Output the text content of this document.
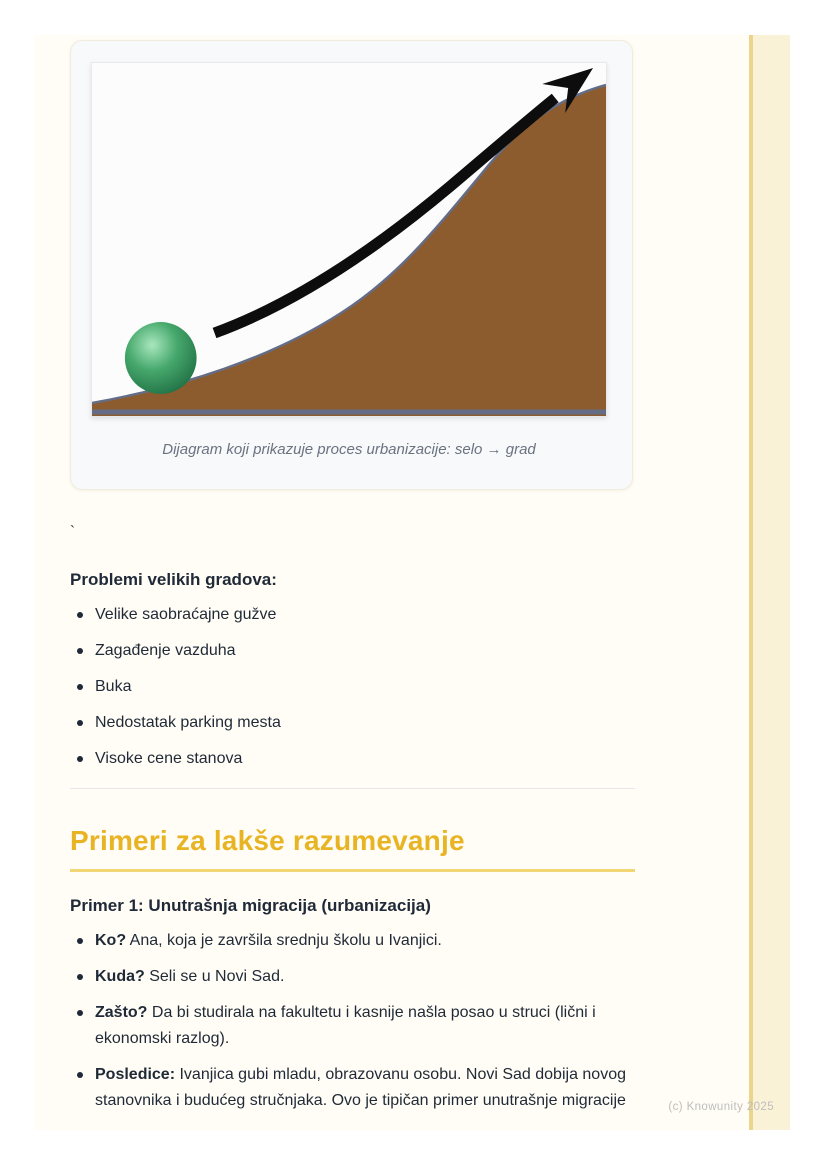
Dijagram koji prikazuje proces urbanizacije: selo → grad

`

Problemi velikih gradova:

Velike saobraćajne gužve
Zagađenje vazduha
Buka
Nedostatak parking mesta
Visoke cene stanova
Primeri za lakše razumevanje

Primer 1: Unutrašnja migracija (urbanizacija)

Ko? Ana, koja je završila srednju školu u Ivanjici.
Kuda? Seli se u Novi Sad.
Zašto? Da bi studirala na fakultetu i kasnije našla posao u struci (lični i ekonomski razlog).
Posledice: Ivanjica gubi mladu, obrazovanu osobu. Novi Sad dobija novog stanovnika i budućeg stručnjaka. Ovo je tipičan primer unutrašnje migracije	(c) Knowunity 2025
